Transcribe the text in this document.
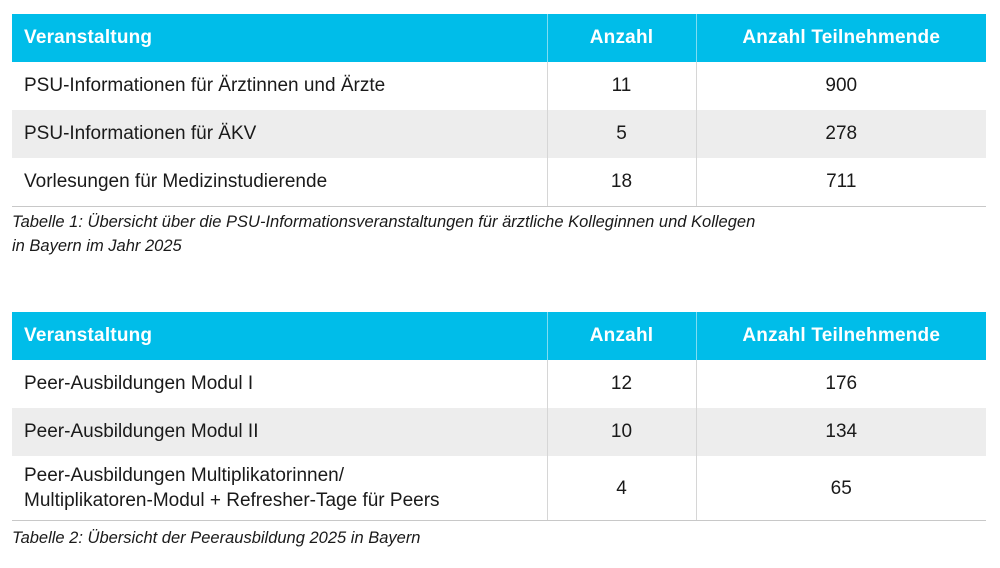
Veranstaltung	Anzahl	Anzahl Teilnehmende
PSU-Informationen für Ärztinnen und Ärzte	11	900
PSU-Informationen für ÄKV	5	278
Vorlesungen für Medizinstudierende	18	711
Tabelle 1: Übersicht über die PSU-Informationsveranstaltungen für ärztliche Kolleginnen und Kollegen
in Bayern im Jahr 2025
Veranstaltung	Anzahl	Anzahl Teilnehmende
Peer-Ausbildungen Modul I	12	176
Peer-Ausbildungen Modul II	10	134

Peer-Ausbildungen Multiplikatorinnen/
Multiplikatoren-Modul + Refresher-Tage für Peers	4	65
Tabelle 2: Übersicht der Peerausbildung 2025 in Bayern
